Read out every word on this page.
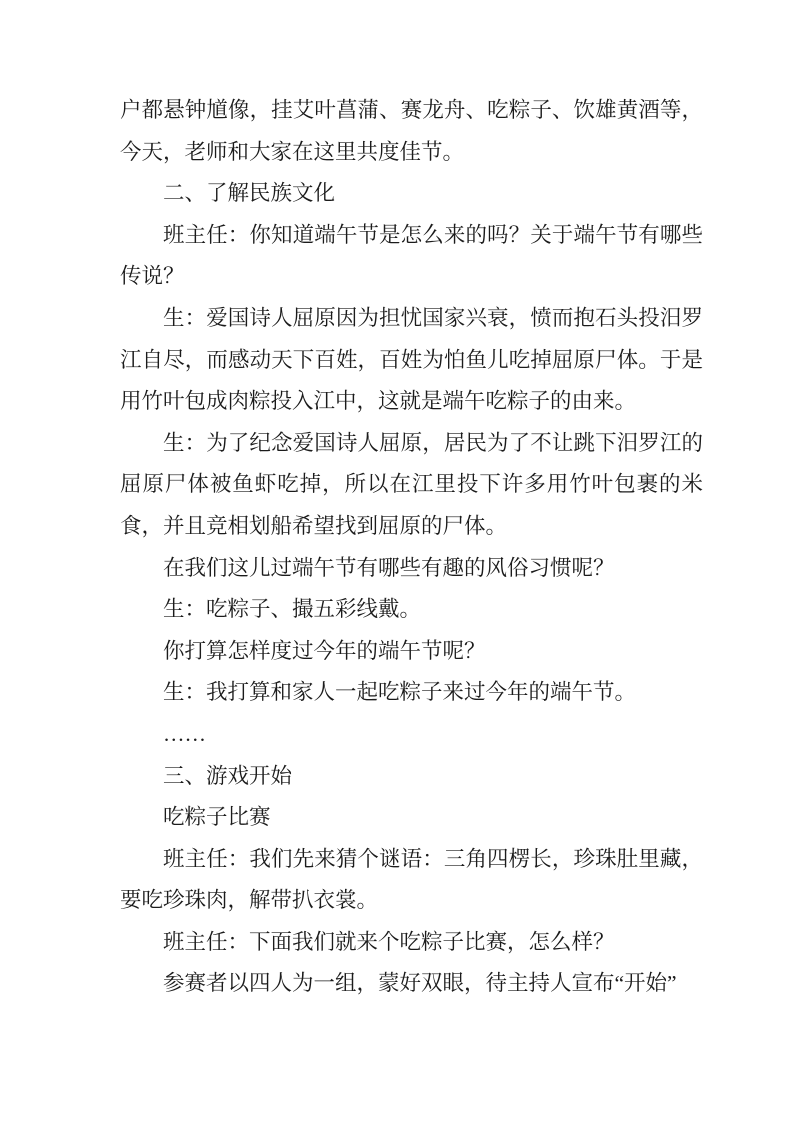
户都悬钟馗像，挂艾叶菖蒲、赛龙舟、吃粽子、饮雄黄酒等，今天，老师和大家在这里共度佳节。

二、了解民族文化

班主任：你知道端午节是怎么来的吗？关于端午节有哪些传说？

生：爱国诗人屈原因为担忧国家兴衰，愤而抱石头投汨罗江自尽，而感动天下百姓，百姓为怕鱼儿吃掉屈原尸体。于是用竹叶包成肉粽投入江中，这就是端午吃粽子的由来。

生：为了纪念爱国诗人屈原，居民为了不让跳下汨罗江的屈原尸体被鱼虾吃掉，所以在江里投下许多用竹叶包裹的米食，并且竞相划船希望找到屈原的尸体。

在我们这儿过端午节有哪些有趣的风俗习惯呢？

生：吃粽子、撮五彩线戴。

你打算怎样度过今年的端午节呢？

生：我打算和家人一起吃粽子来过今年的端午节。

……

三、游戏开始

吃粽子比赛

班主任：我们先来猜个谜语：三角四楞长，珍珠肚里藏，要吃珍珠肉，解带扒衣裳。

班主任：下面我们就来个吃粽子比赛，怎么样？

参赛者以四人为一组，蒙好双眼，待主持人宣布“开始”
